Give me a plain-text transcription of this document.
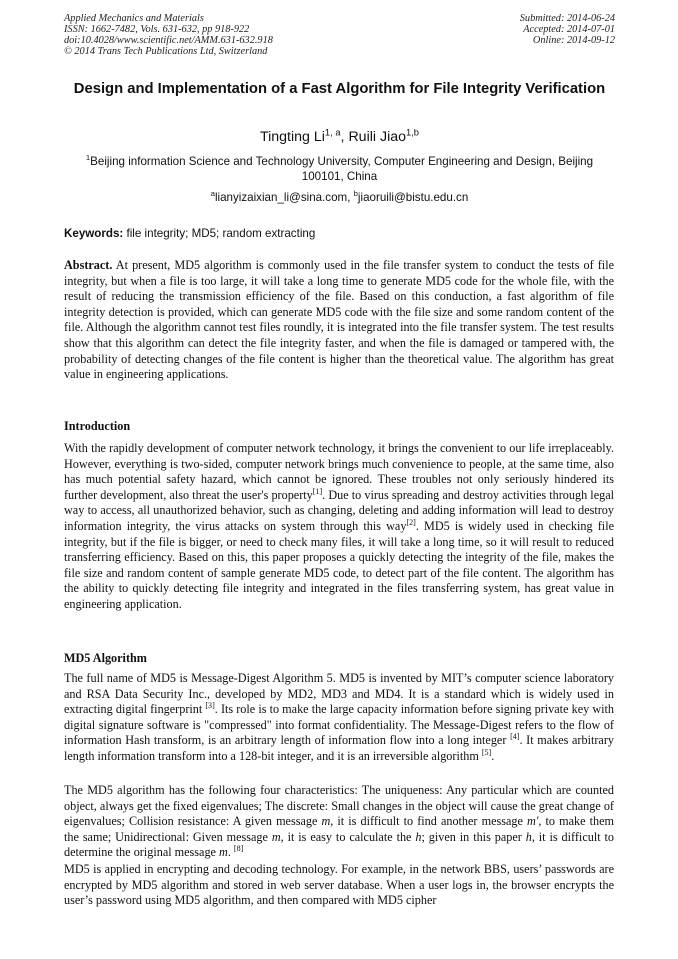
Applied Mechanics and Materials
ISSN: 1662-7482, Vols. 631-632, pp 918-922
doi:10.4028/www.scientific.net/AMM.631-632.918
© 2014 Trans Tech Publications Ltd, Switzerland
Submitted: 2014-06-24
Accepted: 2014-07-01
Online: 2014-09-12
Design and Implementation of a Fast Algorithm for File Integrity Verification
Tingting Li$^{1, a}$, Ruili Jiao$^{1,b}$
$^1$Beijing information Science and Technology University, Computer Engineering and Design, Beijing 100101, China
$^a$lianyizaixian_li@sina.com, $^b$jiaoruili@bistu.edu.cn
Keywords: file integrity; MD5; random extracting

Abstract. At present, MD5 algorithm is commonly used in the file transfer system to conduct the tests of file integrity, but when a file is too large, it will take a long time to generate MD5 code for the whole file, with the result of reducing the transmission efficiency of the file. Based on this conduction, a fast algorithm of file integrity detection is provided, which can generate MD5 code with the file size and some random content of the file. Although the algorithm cannot test files roundly, it is integrated into the file transfer system. The test results show that this algorithm can detect the file integrity faster, and when the file is damaged or tampered with, the probability of detecting changes of the file content is higher than the theoretical value. The algorithm has great value in engineering applications.

Introduction

With the rapidly development of computer network technology, it brings the convenient to our life irreplaceably. However, everything is two-sided, computer network brings much convenience to people, at the same time, also has much potential safety hazard, which cannot be ignored. These troubles not only seriously hindered its further development, also threat the user's property[1]. Due to virus spreading and destroy activities through legal way to access, all unauthorized behavior, such as changing, deleting and adding information will lead to destroy information integrity, the virus attacks on system through this way[2]. MD5 is widely used in checking file integrity, but if the file is bigger, or need to check many files, it will take a long time, so it will result to reduced transferring efficiency. Based on this, this paper proposes a quickly detecting the integrity of the file, makes the file size and random content of sample generate MD5 code, to detect part of the file content. The algorithm has the ability to quickly detecting file integrity and integrated in the files transferring system, has great value in engineering application.

MD5 Algorithm

The full name of MD5 is Message-Digest Algorithm 5. MD5 is invented by MIT’s computer science laboratory and RSA Data Security Inc., developed by MD2, MD3 and MD4. It is a standard which is widely used in extracting digital fingerprint [3]. Its role is to make the large capacity information before signing private key with digital signature software is "compressed" into format confidentiality. The Message-Digest refers to the flow of information Hash transform, is an arbitrary length of information flow into a long integer [4]. It makes arbitrary length information transform into a 128-bit integer, and it is an irreversible algorithm [5].

The MD5 algorithm has the following four characteristics: The uniqueness: Any particular which are counted object, always get the fixed eigenvalues; The discrete: Small changes in the object will cause the great change of eigenvalues; Collision resistance: A given message m, it is difficult to find another message m', to make them the same; Unidirectional: Given message m, it is easy to calculate the h; given in this paper h, it is difficult to determine the original message m. [8]

MD5 is applied in encrypting and decoding technology. For example, in the network BBS, users’ passwords are encrypted by MD5 algorithm and stored in web server database. When a user logs in, the browser encrypts the user’s password using MD5 algorithm, and then compared with MD5 cipher
